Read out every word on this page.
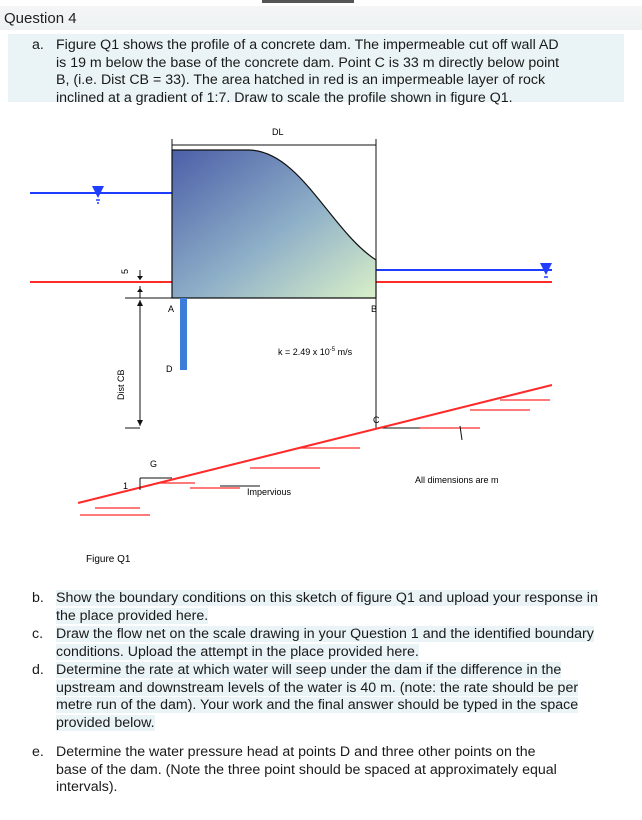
Question 4
a. Figure Q1 shows the profile of a concrete dam. The impermeable cut off wall AD
is 19 m below the base of the concrete dam. Point C is 33 m directly below point
B, (i.e. Dist CB = 33). The area hatched in red is an impermeable layer of rock
inclined at a gradient of 1:7. Draw to scale the profile shown in figure Q1.
DL
A	B
D
5
Dist CB
C
k = 2.49 x $10^{-5}$ m/s
G
1
Impervious
All dimensions are m
Figure Q1
b. Show the boundary conditions on this sketch of figure Q1 and upload your response in
the place provided here.
c. Draw the flow net on the scale drawing in your Question 1 and the identified boundary
conditions. Upload the attempt in the place provided here.
d. Determine the rate at which water will seep under the dam if the difference in the
upstream and downstream levels of the water is 40 m. (note: the rate should be per
metre run of the dam). Your work and the final answer should be typed in the space
provided below.
e. Determine the water pressure head at points D and three other points on the
base of the dam. (Note the three point should be spaced at approximately equal
intervals).
